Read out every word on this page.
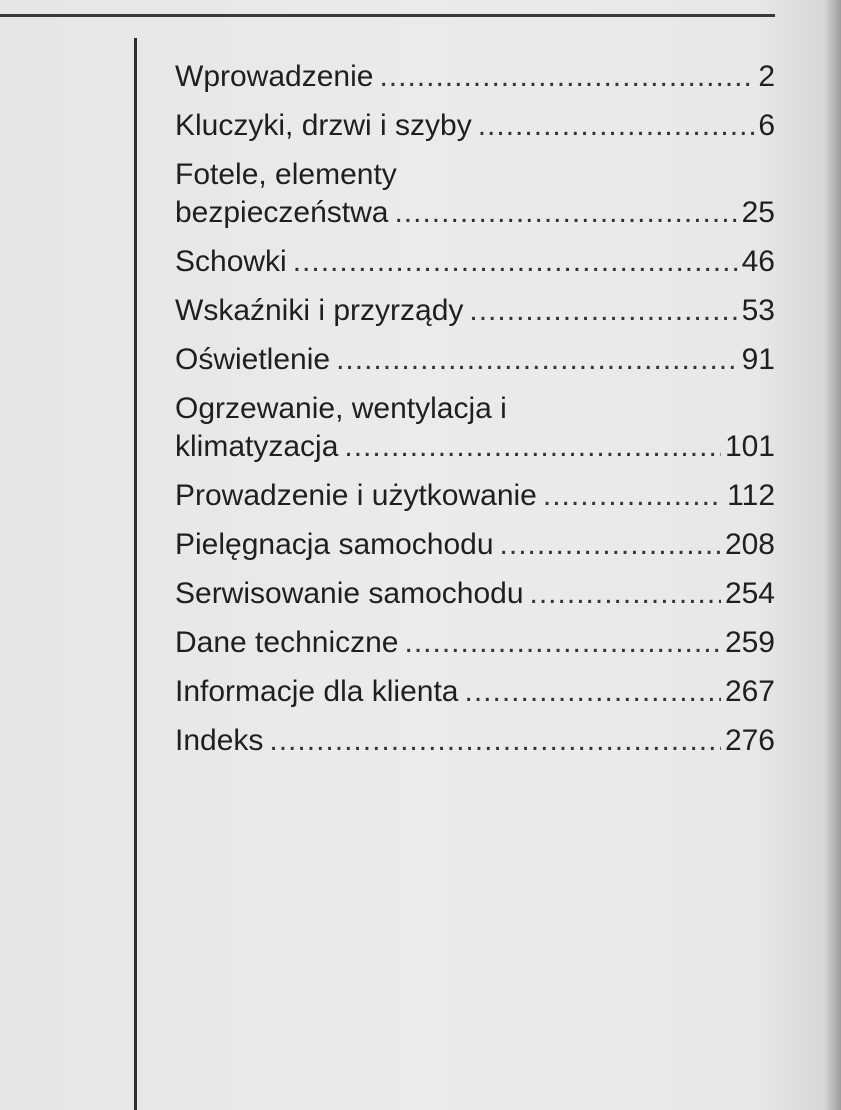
Wprowadzenie .....	2
Kluczyki, drzwi i szyby .....	6
Fotele, elementy
bezpieczeństwa .....	25
Schowki .....	46
Wskaźniki i przyrządy .....	53
Oświetlenie .....	91
Ogrzewanie, wentylacja i
klimatyzacja .....	101
Prowadzenie i użytkowanie .....	112
Pielęgnacja samochodu .....	208
Serwisowanie samochodu .....	254
Dane techniczne .....	259
Informacje dla klienta .....	267
Indeks .....	276
